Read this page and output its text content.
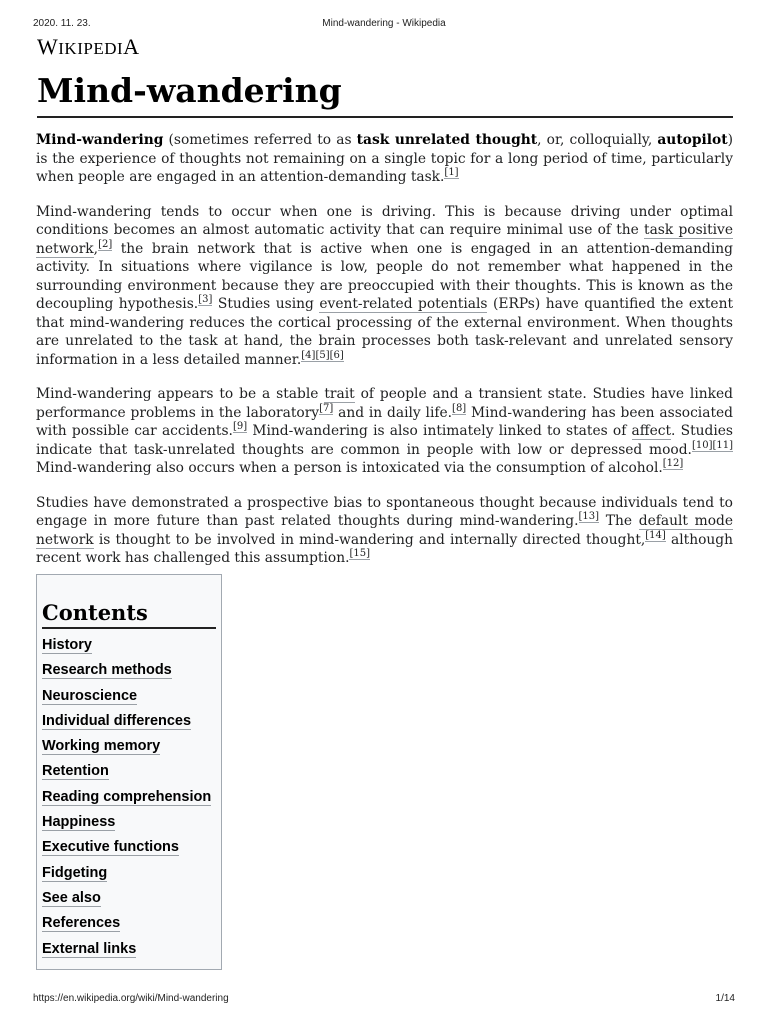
2020. 11. 23.	Mind-wandering - Wikipedia
WIKIPEDIA
Mind-wandering

Mind-wandering (sometimes referred to as task unrelated thought, or, colloquially, autopilot) is the experience of thoughts not remaining on a single topic for a long period of time, particularly when people are engaged in an attention-demanding task.[1]

Mind-wandering tends to occur when one is driving. This is because driving under optimal conditions becomes an almost automatic activity that can require minimal use of the task positive network,[2] the brain network that is active when one is engaged in an attention-demanding activity. In situations where vigilance is low, people do not remember what happened in the surrounding environment because they are preoccupied with their thoughts. This is known as the decoupling hypothesis.[3] Studies using event-related potentials (ERPs) have quantified the extent that mind-wandering reduces the cortical processing of the external environment. When thoughts are unrelated to the task at hand, the brain processes both task-relevant and unrelated sensory information in a less detailed manner.[4][5][6]

Mind-wandering appears to be a stable trait of people and a transient state. Studies have linked performance problems in the laboratory[7] and in daily life.[8] Mind-wandering has been associated with possible car accidents.[9] Mind-wandering is also intimately linked to states of affect. Studies indicate that task-unrelated thoughts are common in people with low or depressed mood.[10][11] Mind-wandering also occurs when a person is intoxicated via the consumption of alcohol.[12]

Studies have demonstrated a prospective bias to spontaneous thought because individuals tend to engage in more future than past related thoughts during mind-wandering.[13] The default mode network is thought to be involved in mind-wandering and internally directed thought,[14] although recent work has challenged this assumption.[15]

Contents
History
Research methods
Neuroscience
Individual differences
Working memory
Retention
Reading comprehension
Happiness
Executive functions
Fidgeting
See also
References
External links
https://en.wikipedia.org/wiki/Mind-wandering	1/14
